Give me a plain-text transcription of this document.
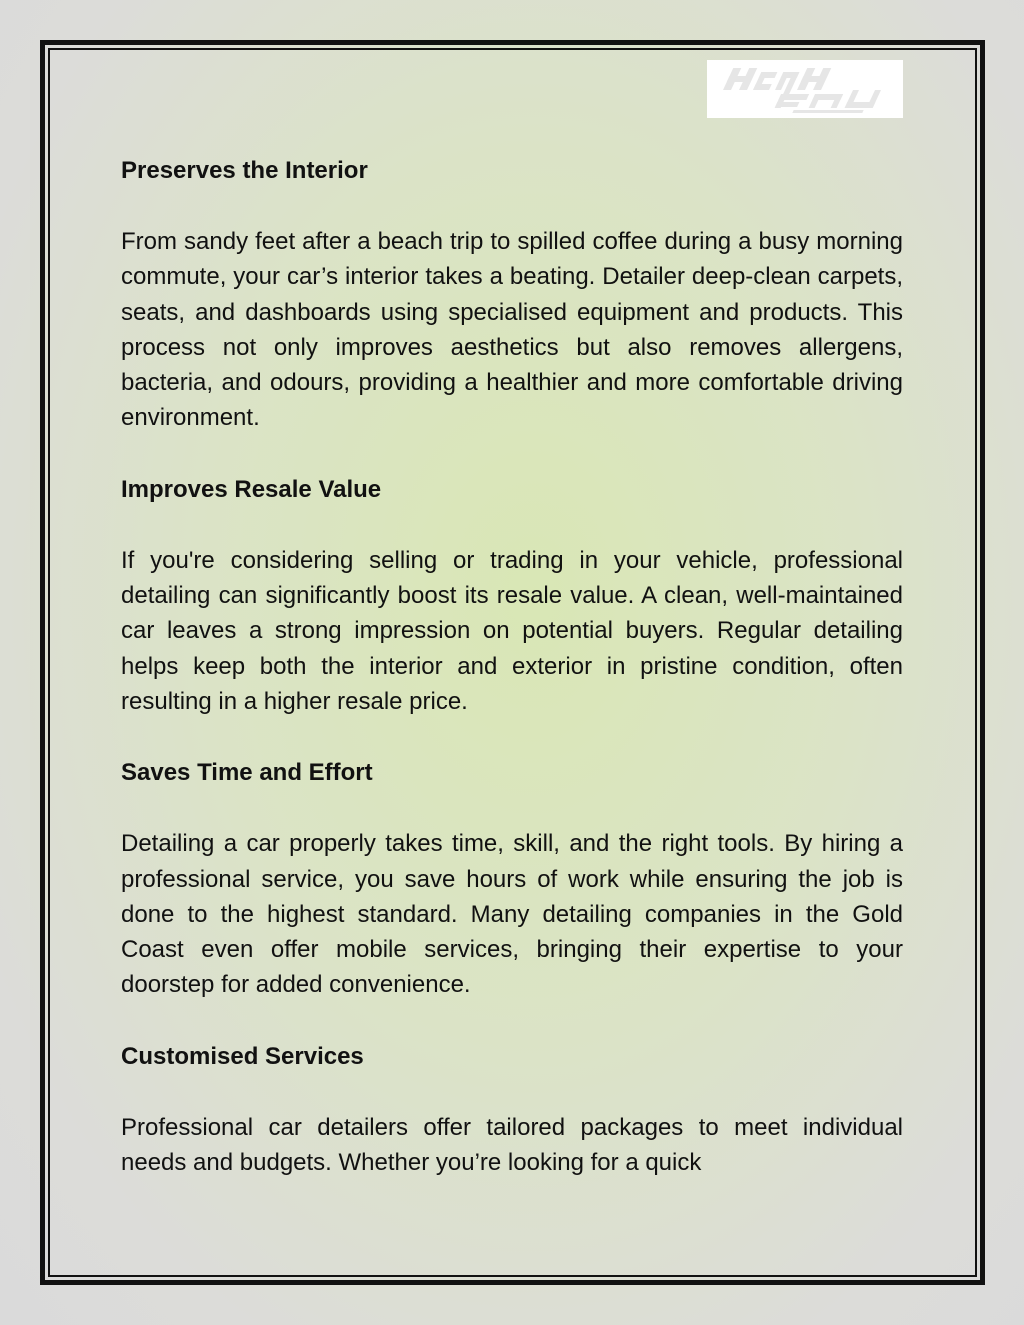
Preserves the Interior

From sandy feet after a beach trip to spilled coffee during a busy morning commute, your car’s interior takes a beating. Detailer deep-clean carpets, seats, and dashboards using specialised equipment and products. This process not only improves aesthetics but also removes allergens, bacteria, and odours, providing a healthier and more comfortable driving environment.

Improves Resale Value

If you're considering selling or trading in your vehicle, professional detailing can significantly boost its resale value. A clean, well-maintained car leaves a strong impression on potential buyers. Regular detailing helps keep both the interior and exterior in pristine condition, often resulting in a higher resale price.

Saves Time and Effort

Detailing a car properly takes time, skill, and the right tools. By hiring a professional service, you save hours of work while ensuring the job is done to the highest standard. Many detailing companies in the Gold Coast even offer mobile services, bringing their expertise to your doorstep for added convenience.

Customised Services

Professional car detailers offer tailored packages to meet individual needs and budgets. Whether you’re looking for a quick
